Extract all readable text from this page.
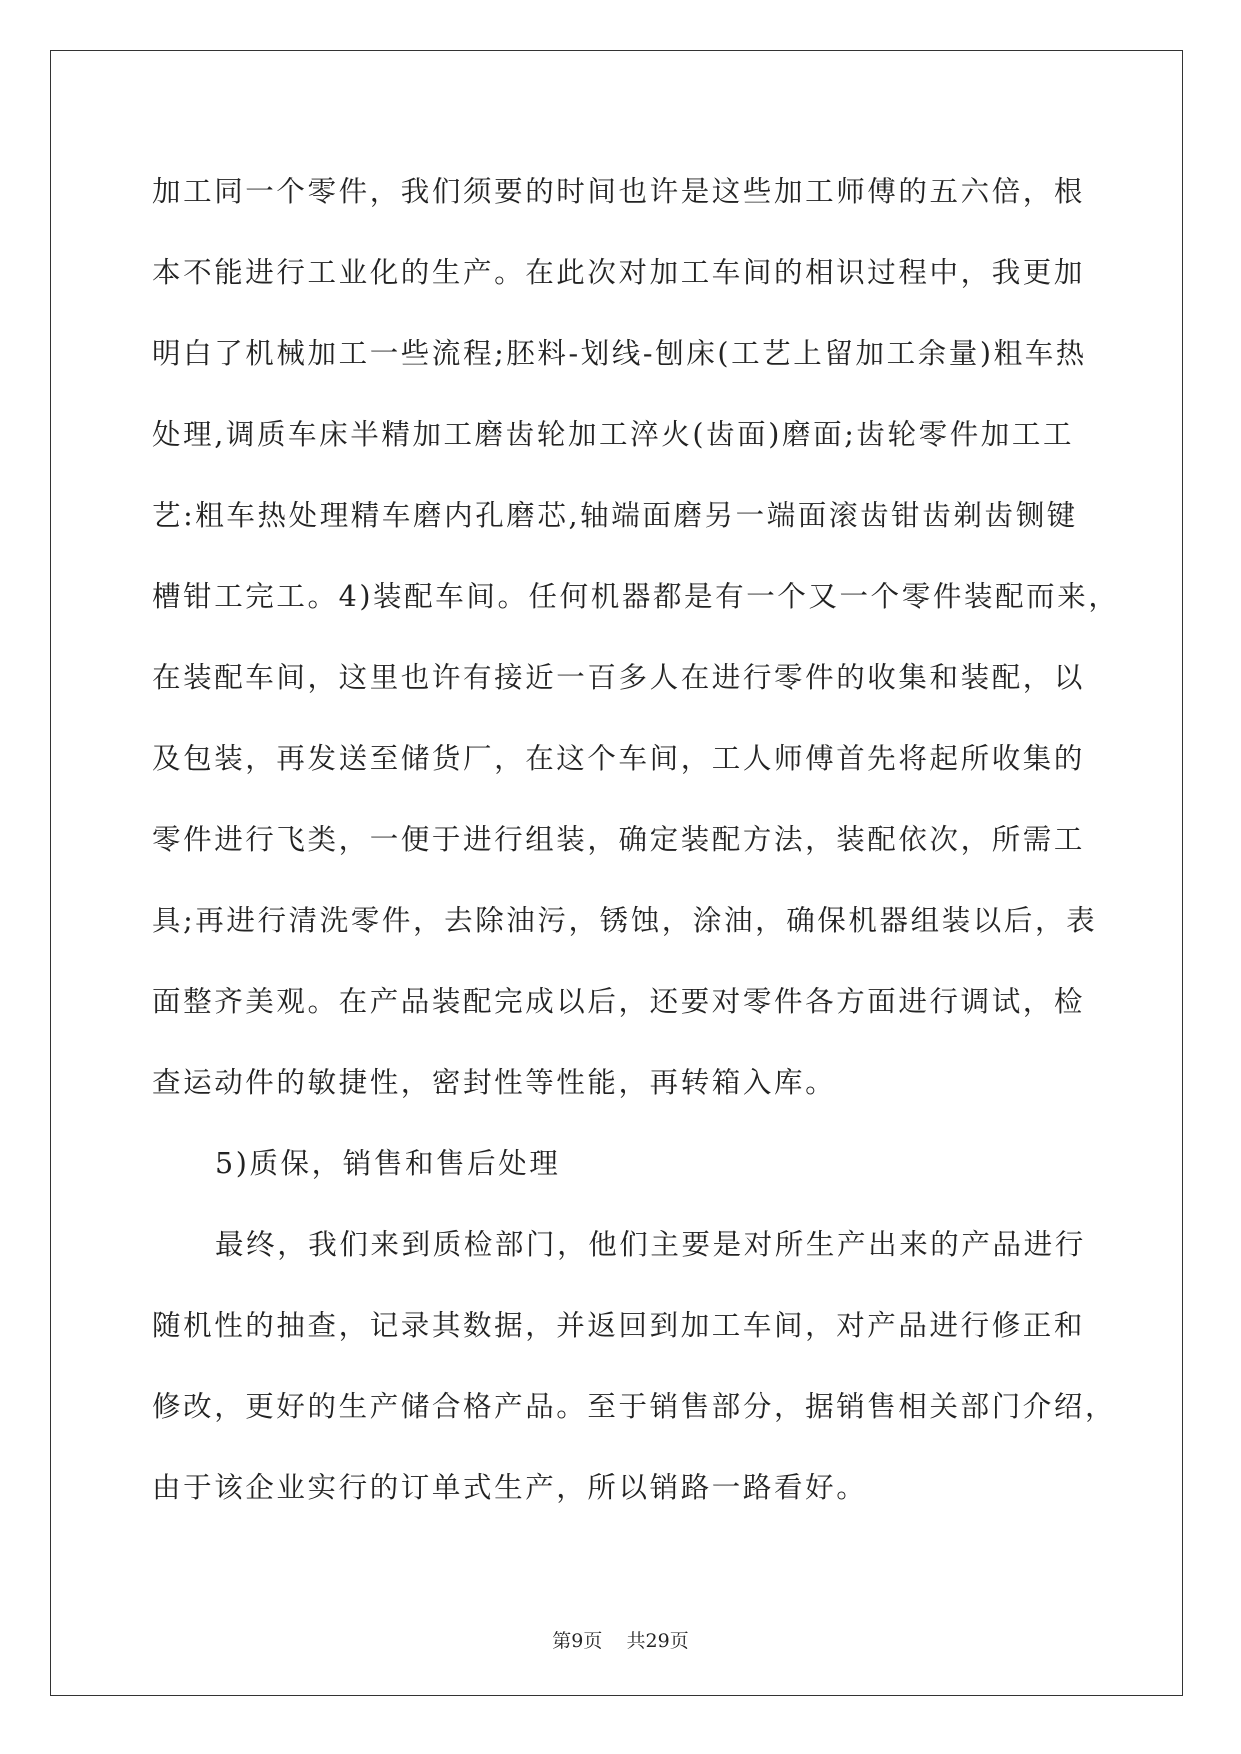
加工同一个零件，我们须要的时间也许是这些加工师傅的五六倍，根
本不能进行工业化的生产。在此次对加工车间的相识过程中，我更加
明白了机械加工一些流程;胚料-划线-刨床(工艺上留加工余量)粗车热
处理,调质车床半精加工磨齿轮加工淬火(齿面)磨面;齿轮零件加工工
艺:粗车热处理精车磨内孔磨芯,轴端面磨另一端面滚齿钳齿剃齿铡键
槽钳工完工。4)装配车间。任何机器都是有一个又一个零件装配而来，
在装配车间，这里也许有接近一百多人在进行零件的收集和装配，以
及包装，再发送至储货厂，在这个车间，工人师傅首先将起所收集的
零件进行飞类，一便于进行组装，确定装配方法，装配依次，所需工
具;再进行清洗零件，去除油污，锈蚀，涂油，确保机器组装以后，表
面整齐美观。在产品装配完成以后，还要对零件各方面进行调试，检
查运动件的敏捷性，密封性等性能，再转箱入库。
5)质保，销售和售后处理
最终，我们来到质检部门，他们主要是对所生产出来的产品进行
随机性的抽查，记录其数据，并返回到加工车间，对产品进行修正和
修改，更好的生产储合格产品。至于销售部分，据销售相关部门介绍，
由于该企业实行的订单式生产，所以销路一路看好。
第9页 共29页
